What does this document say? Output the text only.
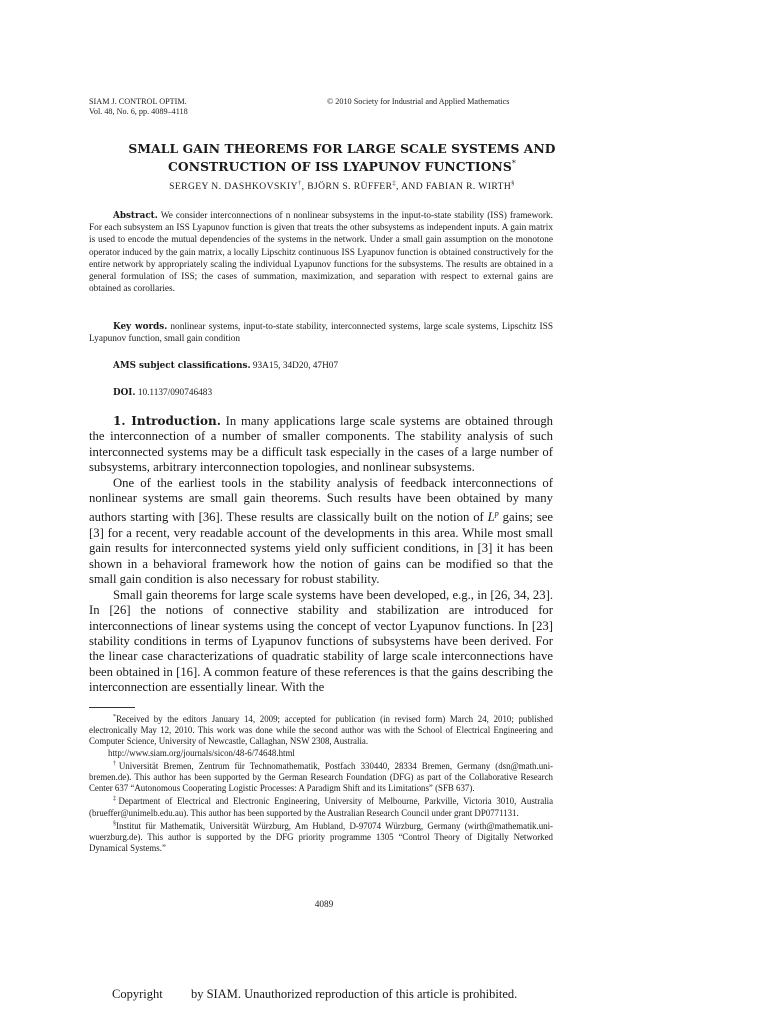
SIAM J. CONTROL OPTIM.
Vol. 48, No. 6, pp. 4089–4118
© 2010 Society for Industrial and Applied Mathematics
SMALL GAIN THEOREMS FOR LARGE SCALE SYSTEMS AND
CONSTRUCTION OF ISS LYAPUNOV FUNCTIONS*
SERGEY N. DASHKOVSKIY†, BJÖRN S. RÜFFER‡, AND FABIAN R. WIRTH§

Abstract. We consider interconnections of n nonlinear subsystems in the input-to-state stability (ISS) framework. For each subsystem an ISS Lyapunov function is given that treats the other subsystems as independent inputs. A gain matrix is used to encode the mutual dependencies of the systems in the network. Under a small gain assumption on the monotone operator induced by the gain matrix, a locally Lipschitz continuous ISS Lyapunov function is obtained constructively for the entire network by appropriately scaling the individual Lyapunov functions for the subsystems. The results are obtained in a general formulation of ISS; the cases of summation, maximization, and separation with respect to external gains are obtained as corollaries.

Key words. nonlinear systems, input-to-state stability, interconnected systems, large scale systems, Lipschitz ISS Lyapunov function, small gain condition

AMS subject classifications. 93A15, 34D20, 47H07

DOI. 10.1137/090746483

1. Introduction. In many applications large scale systems are obtained through the interconnection of a number of smaller components. The stability analysis of such interconnected systems may be a difficult task especially in the cases of a large number of subsystems, arbitrary interconnection topologies, and nonlinear subsystems.

One of the earliest tools in the stability analysis of feedback interconnections of nonlinear systems are small gain theorems. Such results have been obtained by many authors starting with [36]. These results are classically built on the notion of $L^p$ gains; see [3] for a recent, very readable account of the developments in this area. While most small gain results for interconnected systems yield only sufficient conditions, in [3] it has been shown in a behavioral framework how the notion of gains can be modified so that the small gain condition is also necessary for robust stability.

Small gain theorems for large scale systems have been developed, e.g., in [26, 34, 23]. In [26] the notions of connective stability and stabilization are introduced for interconnections of linear systems using the concept of vector Lyapunov functions. In [23] stability conditions in terms of Lyapunov functions of subsystems have been derived. For the linear case characterizations of quadratic stability of large scale interconnections have been obtained in [16]. A common feature of these references is that the gains describing the interconnection are essentially linear. With the

*Received by the editors January 14, 2009; accepted for publication (in revised form) March 24, 2010; published electronically May 12, 2010. This work was done while the second author was with the School of Electrical Engineering and Computer Science, University of Newcastle, Callaghan, NSW 2308, Australia.

http://www.siam.org/journals/sicon/48-6/74648.html

†Universität Bremen, Zentrum für Technomathematik, Postfach 330440, 28334 Bremen, Germany (dsn@math.uni-bremen.de). This author has been supported by the German Research Foundation (DFG) as part of the Collaborative Research Center 637 “Autonomous Cooperating Logistic Processes: A Paradigm Shift and its Limitations” (SFB 637).

‡Department of Electrical and Electronic Engineering, University of Melbourne, Parkville, Victoria 3010, Australia (brueffer@unimelb.edu.au). This author has been supported by the Australian Research Council under grant DP0771131.

§Institut für Mathematik, Universität Würzburg, Am Hubland, D-97074 Würzburg, Germany (wirth@mathematik.uni-wuerzburg.de). This author is supported by the DFG priority programme 1305 “Control Theory of Digitally Networked Dynamical Systems.”

4089
Copyright by SIAM. Unauthorized reproduction of this article is prohibited.
